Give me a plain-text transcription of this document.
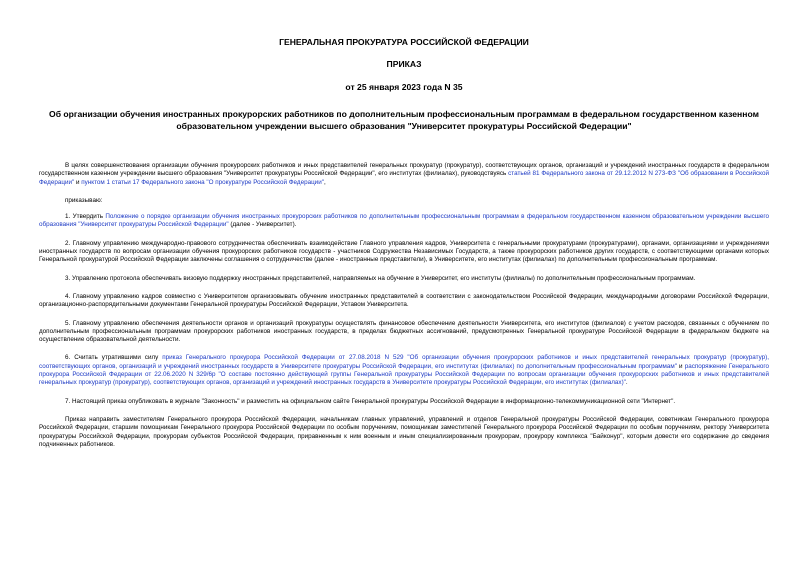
ГЕНЕРАЛЬНАЯ ПРОКУРАТУРА РОССИЙСКОЙ ФЕДЕРАЦИИ
ПРИКАЗ
от 25 января 2023 года N 35
Об организации обучения иностранных прокурорских работников по дополнительным профессиональным программам в федеральном государственном казенном образовательном учреждении высшего образования "Университет прокуратуры Российской Федерации"

В целях совершенствования организации обучения прокурорских работников и иных представителей генеральных прокуратур (прокуратур), соответствующих органов, организаций и учреждений иностранных государств в федеральном государственном казенном учреждении высшего образования "Университет прокуратуры Российской Федерации", его институтах (филиалах), руководствуясь статьей 81 Федерального закона от 29.12.2012 N 273-ФЗ "Об образовании в Российской Федерации" и пунктом 1 статьи 17 Федерального закона "О прокуратуре Российской Федерации",

приказываю:

1. Утвердить Положение о порядке организации обучения иностранных прокурорских работников по дополнительным профессиональным программам в федеральном государственном казенном образовательном учреждении высшего образования "Университет прокуратуры Российской Федерации" (далее - Университет).

2. Главному управлению международно-правового сотрудничества обеспечивать взаимодействие Главного управления кадров, Университета с генеральными прокуратурами (прокуратурами), органами, организациями и учреждениями иностранных государств по вопросам организации обучения прокурорских работников государств - участников Содружества Независимых Государств, а также прокурорских работников других государств, с соответствующими органами которых Генеральной прокуратурой Российской Федерации заключены соглашения о сотрудничестве (далее - иностранные представители), в Университете, его институтах (филиалах) по дополнительным профессиональным программам.

3. Управлению протокола обеспечивать визовую поддержку иностранных представителей, направляемых на обучение в Университет, его институты (филиалы) по дополнительным профессиональным программам.

4. Главному управлению кадров совместно с Университетом организовывать обучение иностранных представителей в соответствии с законодательством Российской Федерации, международными договорами Российской Федерации, организационно-распорядительными документами Генеральной прокуратуры Российской Федерации, Уставом Университета.

5. Главному управлению обеспечения деятельности органов и организаций прокуратуры осуществлять финансовое обеспечение деятельности Университета, его институтов (филиалов) с учетом расходов, связанных с обучением по дополнительным профессиональным программам прокурорских работников иностранных государств, в пределах бюджетных ассигнований, предусмотренных Генеральной прокуратуре Российской Федерации в федеральном бюджете на осуществление образовательной деятельности.

6. Считать утратившими силу приказ Генерального прокурора Российской Федерации от 27.08.2018 N 529 "Об организации обучения прокурорских работников и иных представителей генеральных прокуратур (прокуратур), соответствующих органов, организаций и учреждений иностранных государств в Университете прокуратуры Российской Федерации, его институтах (филиалах) по дополнительным профессиональным программам" и распоряжение Генерального прокурора Российской Федерации от 22.06.2020 N 329/6р "О составе постоянно действующей группы Генеральной прокуратуры Российской Федерации по вопросам организации обучения прокурорских работников и иных представителей генеральных прокуратур (прокуратур), соответствующих органов, организаций и учреждений иностранных государств в Университете прокуратуры Российской Федерации, его институтах (филиалах)".

7. Настоящий приказ опубликовать в журнале "Законность" и разместить на официальном сайте Генеральной прокуратуры Российской Федерации в информационно-телекоммуникационной сети "Интернет".

Приказ направить заместителям Генерального прокурора Российской Федерации, начальникам главных управлений, управлений и отделов Генеральной прокуратуры Российской Федерации, советникам Генерального прокурора Российской Федерации, старшим помощникам Генерального прокурора Российской Федерации по особым поручениям, помощникам заместителей Генерального прокурора Российской Федерации по особым поручениям, ректору Университета прокуратуры Российской Федерации, прокурорам субъектов Российской Федерации, приравненным к ним военным и иным специализированным прокурорам, прокурору комплекса "Байконур", которым довести его содержание до сведения подчиненных работников.
